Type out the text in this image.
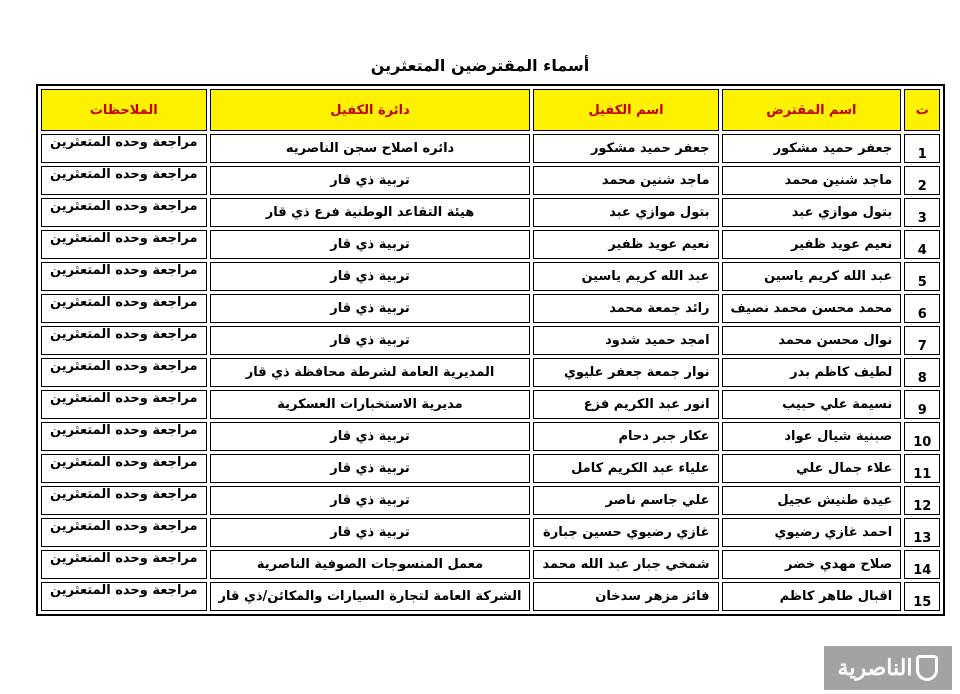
أسماء المقترضين المتعثرين
ت	اسم المقترض	اسم الكفيل	دائرة الكفيل	الملاحظات
1	جعفر حميد مشكور	جعفر حميد مشكور	دائره اصلاح سجن الناصريه	مراجعة وحده المتعثرين
2	ماجد شنين محمد	ماجد شنين محمد	تربية ذي قار	مراجعة وحده المتعثرين
3	بتول موازي عبد	بتول موازي عبد	هيئة التقاعد الوطنية فرع ذي قار	مراجعة وحده المتعثرين
4	نعيم عويد ظفير	نعيم عويد ظفير	تربية ذي قار	مراجعة وحده المتعثرين
5	عبد الله كريم ياسين	عبد الله كريم ياسين	تربية ذي قار	مراجعة وحده المتعثرين
6	محمد محسن محمد نصيف	رائد جمعة محمد	تربية ذي قار	مراجعة وحده المتعثرين
7	نوال محسن محمد	امجد حميد شدود	تربية ذي قار	مراجعة وحده المتعثرين
8	لطيف كاظم بدر	نوار جمعة جعفر عليوي	المديرية العامة لشرطة محافظة ذي قار	مراجعة وحده المتعثرين
9	نسيمة علي حبيب	انور عبد الكريم فزع	مديرية الاستخبارات العسكرية	مراجعة وحده المتعثرين
10	صبنية شيال عواد	عكار جبر دحام	تربية ذي قار	مراجعة وحده المتعثرين
11	علاء جمال علي	علياء عبد الكريم كامل	تربية ذي قار	مراجعة وحده المتعثرين
12	عيدة طنيش عجيل	علي جاسم ناصر	تربية ذي قار	مراجعة وحده المتعثرين
13	احمد غازي رضيوي	غازي رضيوي حسين جبارة	تربية ذي قار	مراجعة وحده المتعثرين
14	صلاح مهدي خضر	شمخي جبار عبد الله محمد	معمل المنسوجات الصوفية الناصرية	مراجعة وحده المتعثرين
15	اقبال طاهر كاظم	فائز مزهر سدخان	الشركة العامة لتجارة السيارات والمكائن/ذي قار	مراجعة وحده المتعثرين
الناصرية
